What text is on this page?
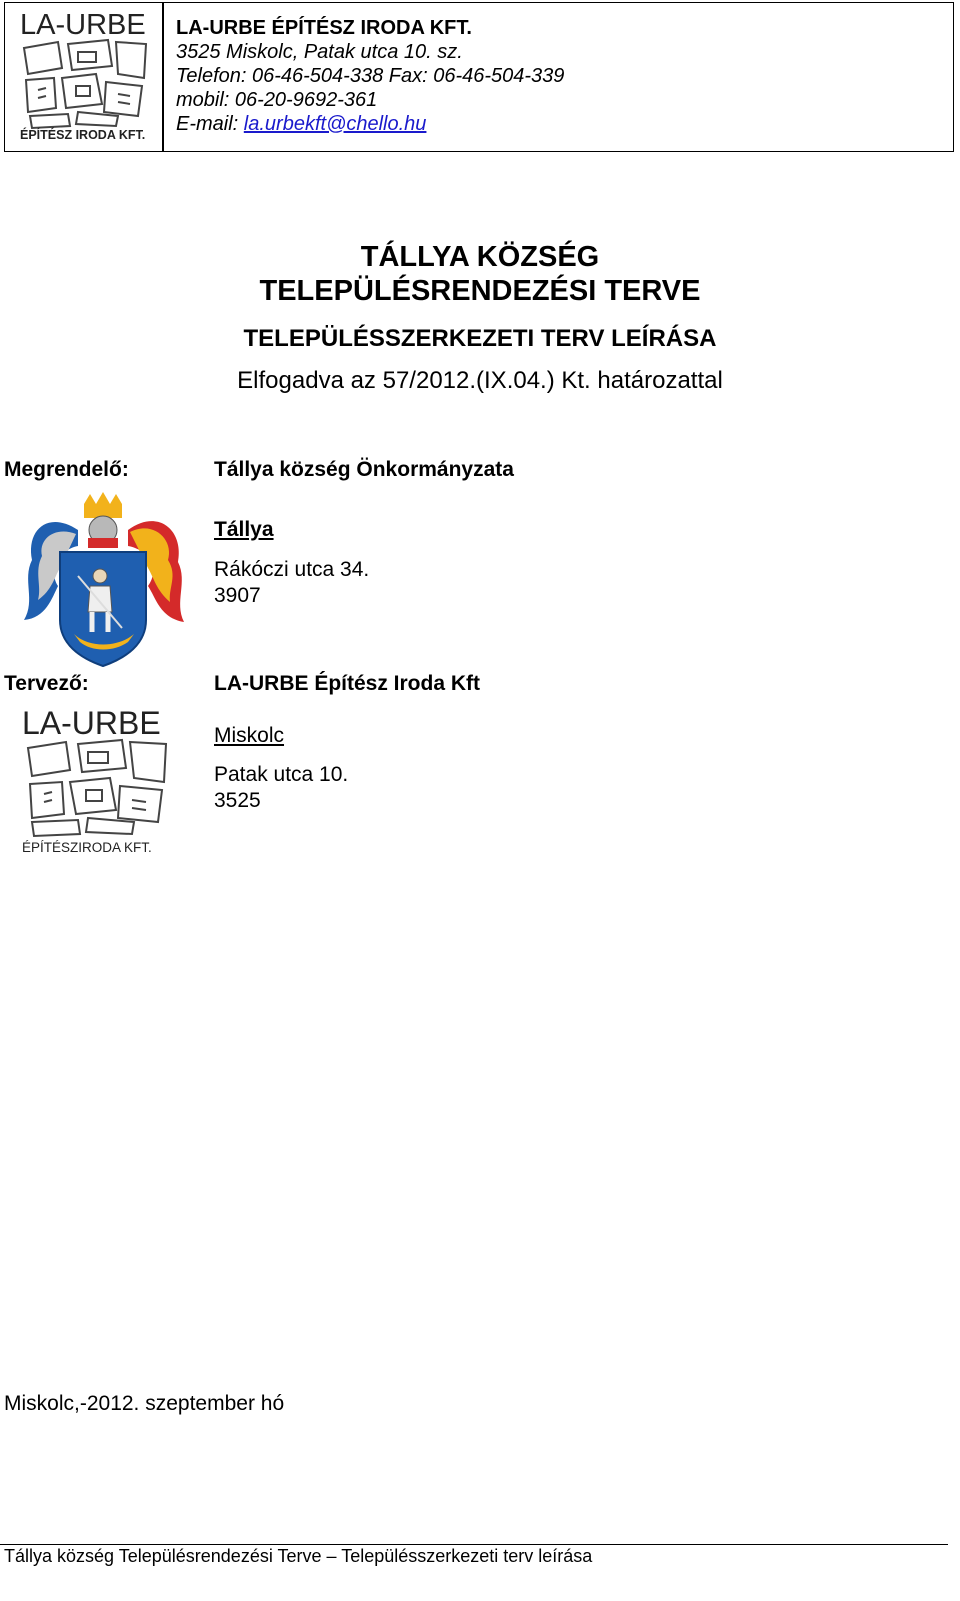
LA-URBE
ÉPÍTÉSZ IRODA KFT.
LA-URBE ÉPÍTÉSZ IRODA KFT.
3525 Miskolc, Patak utca 10. sz.
Telefon: 06-46-504-338 Fax: 06-46-504-339
mobil: 06-20-9692-361
E-mail: la.urbekft@chello.hu
TÁLLYA KÖZSÉG
TELEPÜLÉSRENDEZÉSI TERVE
TELEPÜLÉSSZERKEZETI TERV LEÍRÁSA
Elfogadva az 57/2012.(IX.04.) Kt. határozattal
Megrendelő:	Tállya község Önkormányzata
Tállya
Rákóczi utca 34.
3907
Tervező:	LA-URBE Építész Iroda Kft
Miskolc
Patak utca 10.
3525
LA-URBE
ÉPÍTÉSZIRODA KFT.
Miskolc,-2012. szeptember hó
Tállya község Településrendezési Terve – Településszerkezeti terv leírása
